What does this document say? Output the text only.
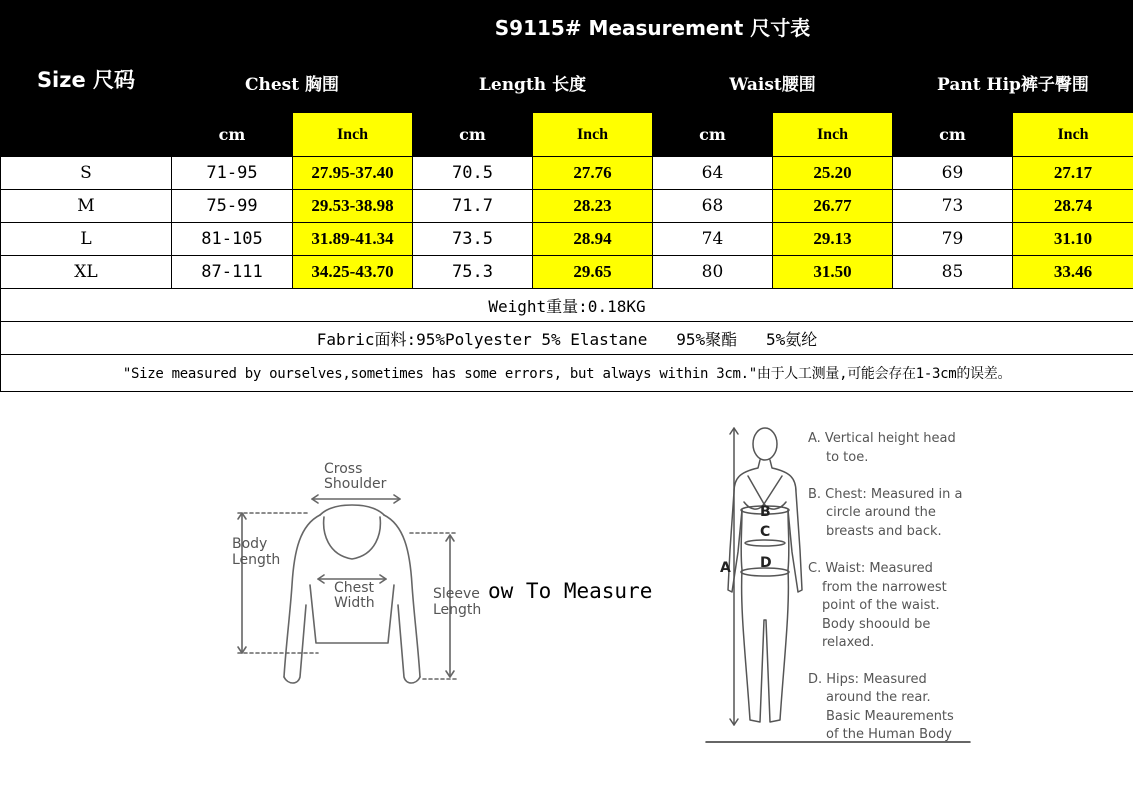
Size 尺码	S9115# Measurement 尺寸表							
	Chest 胸围		Length 长度		Waist腰围		Pant Hip裤子臀围	
	cm	Inch	cm	Inch	cm	Inch	cm	Inch
S	71-95	27.95-37.40	70.5	27.76	64	25.20	69	27.17
M	75-99	29.53-38.98	71.7	28.23	68	26.77	73	28.74
L	81-105	31.89-41.34	73.5	28.94	74	29.13	79	31.10
XL	87-111	34.25-43.70	75.3	29.65	80	31.50	85	33.46
Weight重量:0.18KG								
Fabric面料:95%Polyester 5% Elastane   95%聚酯   5%氨纶								
"Size measured by ourselves,sometimes has some errors, but always within 3cm."由于人工测量,可能会存在1-3cm的误差。								
Cross
Shoulder
Body
Length
Chest
Width
Sleeve
Length
ow To Measure
B
C
D
A
A. Vertical height head
to toe.
B. Chest: Measured in a
circle around the
breasts and back.
C. Waist: Measured
from the narrowest
point of the waist.
Body shoould be
relaxed.
D. Hips: Measured
around the rear.
Basic Meaurements
of the Human Body
